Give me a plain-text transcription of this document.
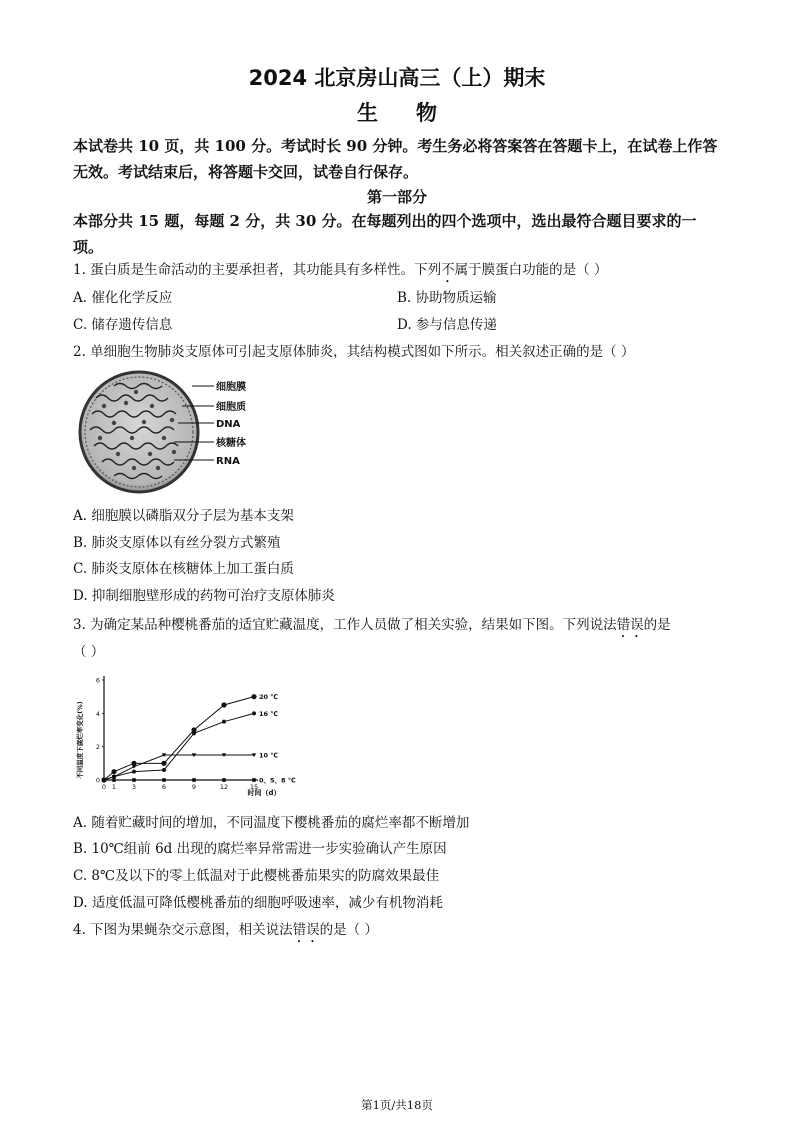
2024 北京房山高三（上）期末
生物
本试卷共 10 页，共 100 分。考试时长 90 分钟。考生务必将答案答在答题卡上，在试卷上作答无效。考试结束后，将答题卡交回，试卷自行保存。
第一部分
本部分共 15 题，每题 2 分，共 30 分。在每题列出的四个选项中，选出最符合题目要求的一项。
1. 蛋白质是生命活动的主要承担者，其功能具有多样性。下列不属于膜蛋白功能的是（ ）
A. 催化化学反应	B. 协助物质运输
C. 储存遗传信息	D. 参与信息传递
2. 单细胞生物肺炎支原体可引起支原体肺炎，其结构模式图如下所示。相关叙述正确的是（ ）
细胞膜
细胞质
DNA
核糖体
RNA
A. 细胞膜以磷脂双分子层为基本支架
B. 肺炎支原体以有丝分裂方式繁殖
C. 肺炎支原体在核糖体上加工蛋白质
D. 抑制细胞壁形成的药物可治疗支原体肺炎
3. 为确定某品种樱桃番茄的适宜贮藏温度，工作人员做了相关实验，结果如下图。下列说法错误的是
（ ）
0 1 3	6	9	12	15
0
2
4
6
20 ℃
16 ℃
10 ℃
0、5、8 ℃
不同温度下腐烂率变化(%)
时间（d）
A. 随着贮藏时间的增加，不同温度下樱桃番茄的腐烂率都不断增加
B. 10℃组前 6d 出现的腐烂率异常需进一步实验确认产生原因
C. 8℃及以下的零上低温对于此樱桃番茄果实的防腐效果最佳
D. 适度低温可降低樱桃番茄的细胞呼吸速率，减少有机物消耗
4. 下图为果蝇杂交示意图，相关说法错误的是（ ）
第1页/共18页
